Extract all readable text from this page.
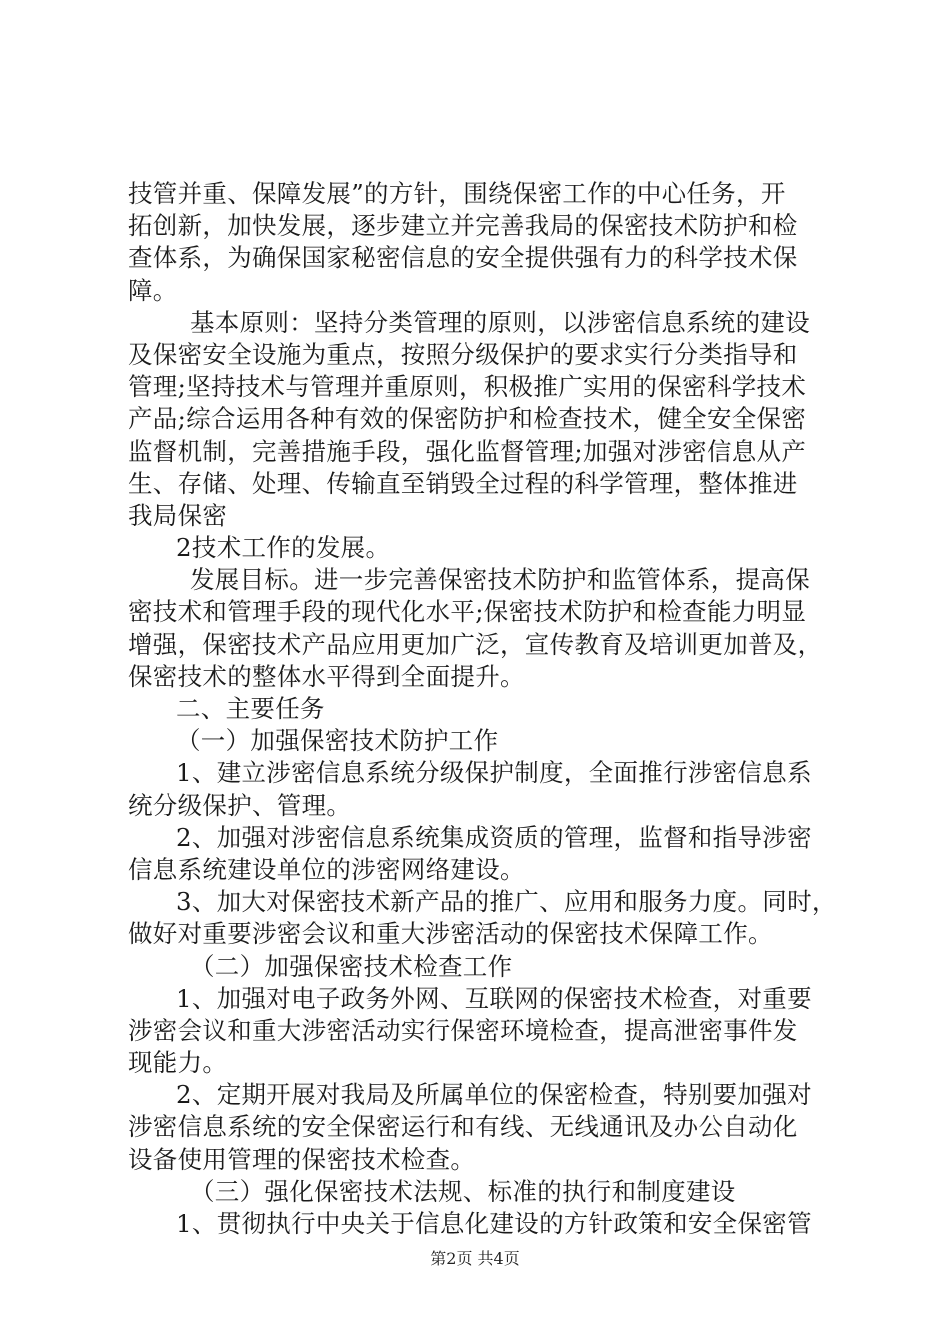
技管并重、保障发展”的方针，围绕保密工作的中心任务，开
拓创新，加快发展，逐步建立并完善我局的保密技术防护和检
查体系，为确保国家秘密信息的安全提供强有力的科学技术保
障。
基本原则：坚持分类管理的原则，以涉密信息系统的建设
及保密安全设施为重点，按照分级保护的要求实行分类指导和
管理;坚持技术与管理并重原则，积极推广实用的保密科学技术
产品;综合运用各种有效的保密防护和检查技术，健全安全保密
监督机制，完善措施手段，强化监督管理;加强对涉密信息从产
生、存储、处理、传输直至销毁全过程的科学管理，整体推进
我局保密
2技术工作的发展。
发展目标。进一步完善保密技术防护和监管体系，提高保
密技术和管理手段的现代化水平;保密技术防护和检查能力明显
增强，保密技术产品应用更加广泛，宣传教育及培训更加普及，
保密技术的整体水平得到全面提升。
二、主要任务
（一）加强保密技术防护工作
1、建立涉密信息系统分级保护制度，全面推行涉密信息系
统分级保护、管理。
2、加强对涉密信息系统集成资质的管理，监督和指导涉密
信息系统建设单位的涉密网络建设。
3、加大对保密技术新产品的推广、应用和服务力度。同时，
做好对重要涉密会议和重大涉密活动的保密技术保障工作。
（二）加强保密技术检查工作
1、加强对电子政务外网、互联网的保密技术检查，对重要
涉密会议和重大涉密活动实行保密环境检查，提高泄密事件发
现能力。
2、定期开展对我局及所属单位的保密检查，特别要加强对
涉密信息系统的安全保密运行和有线、无线通讯及办公自动化
设备使用管理的保密技术检查。
（三）强化保密技术法规、标准的执行和制度建设
1、贯彻执行中央关于信息化建设的方针政策和安全保密管
第2页 共4页
